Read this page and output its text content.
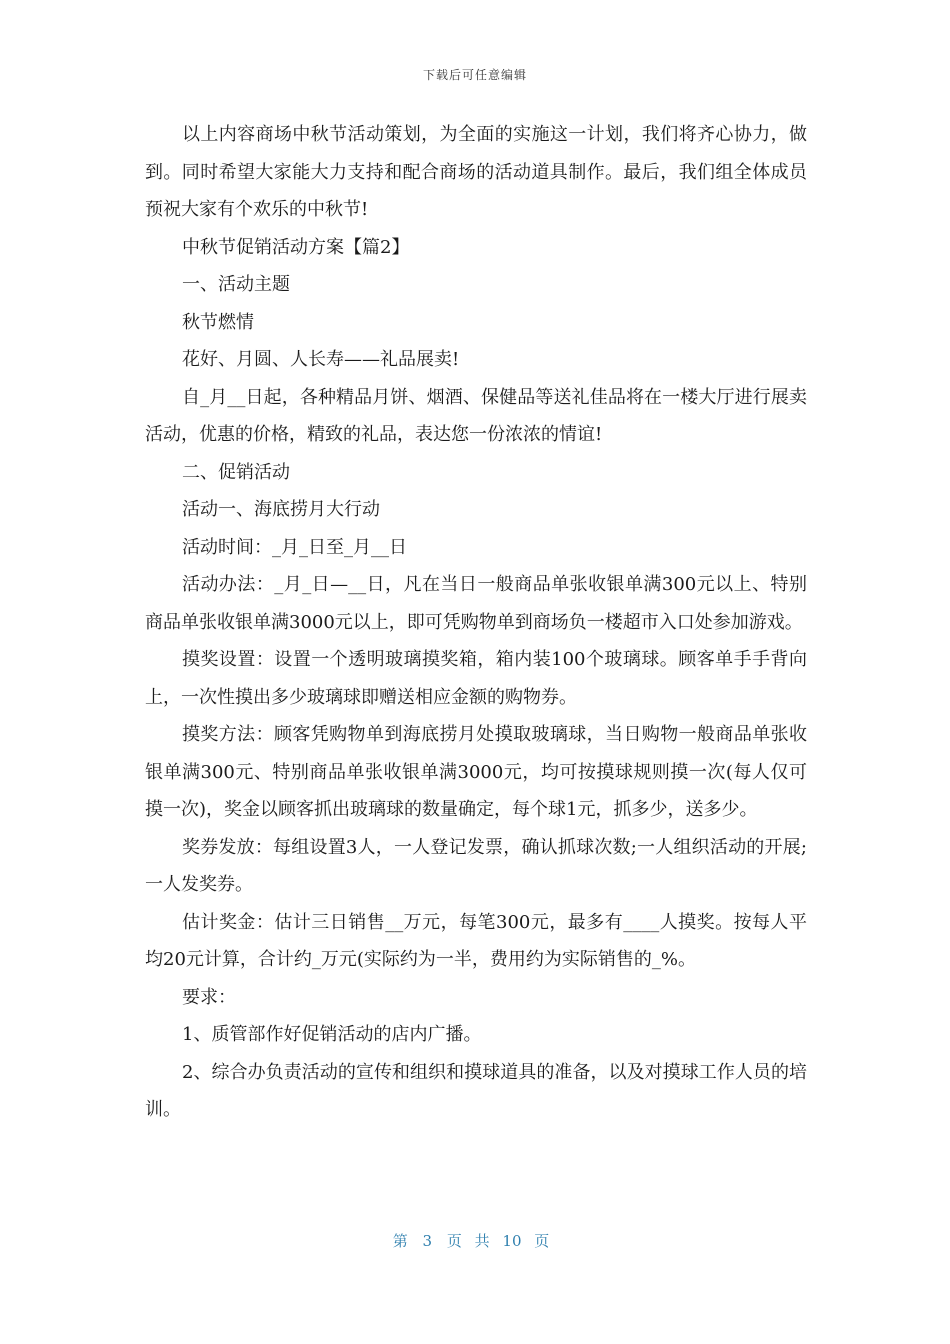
下载后可任意编辑

以上内容商场中秋节活动策划，为全面的实施这一计划，我们将齐心协力，做到。同时希望大家能大力支持和配合商场的活动道具制作。最后，我们组全体成员预祝大家有个欢乐的中秋节!

中秋节促销活动方案【篇2】

一、活动主题

秋节燃情

花好、月圆、人长寿——礼品展卖!

自_月__日起，各种精品月饼、烟酒、保健品等送礼佳品将在一楼大厅进行展卖活动，优惠的价格，精致的礼品，表达您一份浓浓的情谊!

二、促销活动

活动一、海底捞月大行动

活动时间：_月_日至_月__日

活动办法：_月_日—__日，凡在当日一般商品单张收银单满300元以上、特别商品单张收银单满3000元以上，即可凭购物单到商场负一楼超市入口处参加游戏。

摸奖设置：设置一个透明玻璃摸奖箱，箱内装100个玻璃球。顾客单手手背向上，一次性摸出多少玻璃球即赠送相应金额的购物券。

摸奖方法：顾客凭购物单到海底捞月处摸取玻璃球，当日购物一般商品单张收银单满300元、特别商品单张收银单满3000元，均可按摸球规则摸一次(每人仅可摸一次)，奖金以顾客抓出玻璃球的数量确定，每个球1元，抓多少，送多少。

奖券发放：每组设置3人，一人登记发票，确认抓球次数;一人组织活动的开展;一人发奖券。

估计奖金：估计三日销售__万元，每笔300元，最多有____人摸奖。按每人平均20元计算，合计约_万元(实际约为一半，费用约为实际销售的_%。

要求：

1、质管部作好促销活动的店内广播。

2、综合办负责活动的宣传和组织和摸球道具的准备，以及对摸球工作人员的培训。

第 3 页 共 10 页
